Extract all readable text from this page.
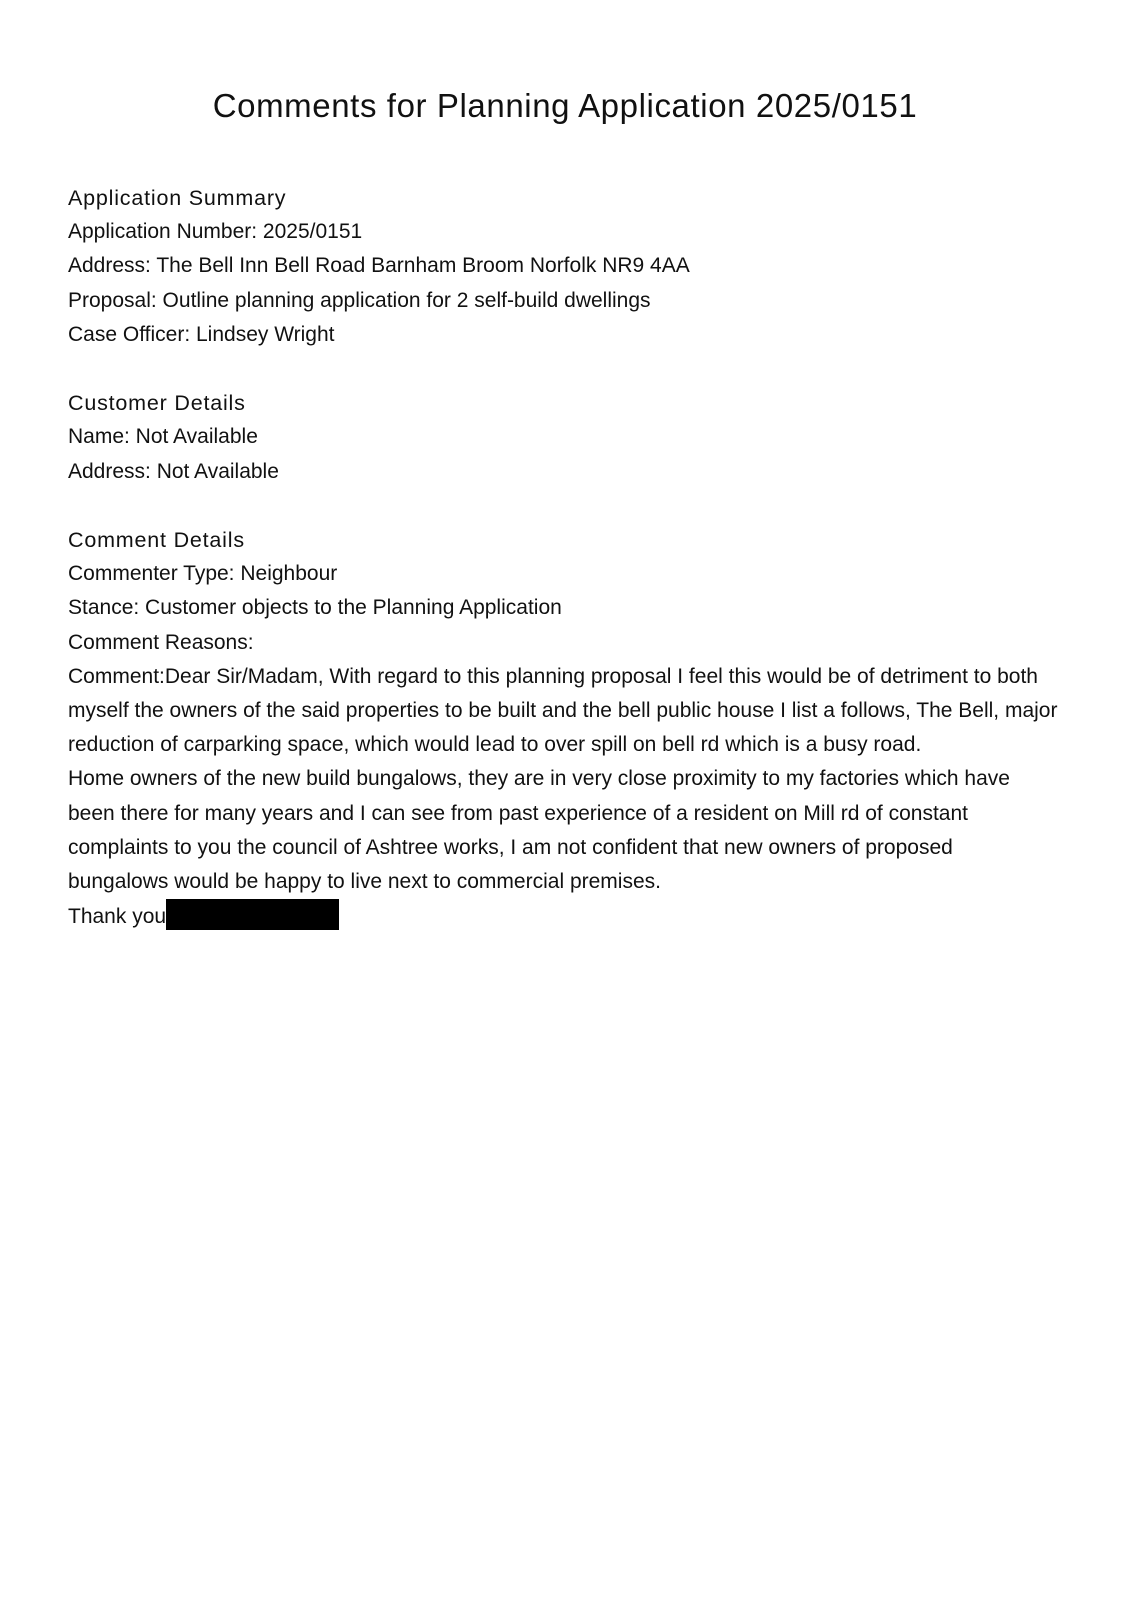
Comments for Planning Application 2025/0151

Application Summary

Application Number: 2025/0151

Address: The Bell Inn Bell Road Barnham Broom Norfolk NR9 4AA

Proposal: Outline planning application for 2 self-build dwellings

Case Officer: Lindsey Wright

Customer Details

Name: Not Available

Address: Not Available

Comment Details

Commenter Type: Neighbour

Stance: Customer objects to the Planning Application

Comment Reasons:

Comment:Dear Sir/Madam, With regard to this planning proposal I feel this would be of detriment to both myself the owners of the said properties to be built and the bell public house I list a follows, The Bell, major reduction of carparking space, which would lead to over spill on bell rd which is a busy road.

Home owners of the new build bungalows, they are in very close proximity to my factories which have been there for many years and I can see from past experience of a resident on Mill rd of constant complaints to you the council of Ashtree works, I am not confident that new owners of proposed bungalows would be happy to live next to commercial premises.

Thank you
